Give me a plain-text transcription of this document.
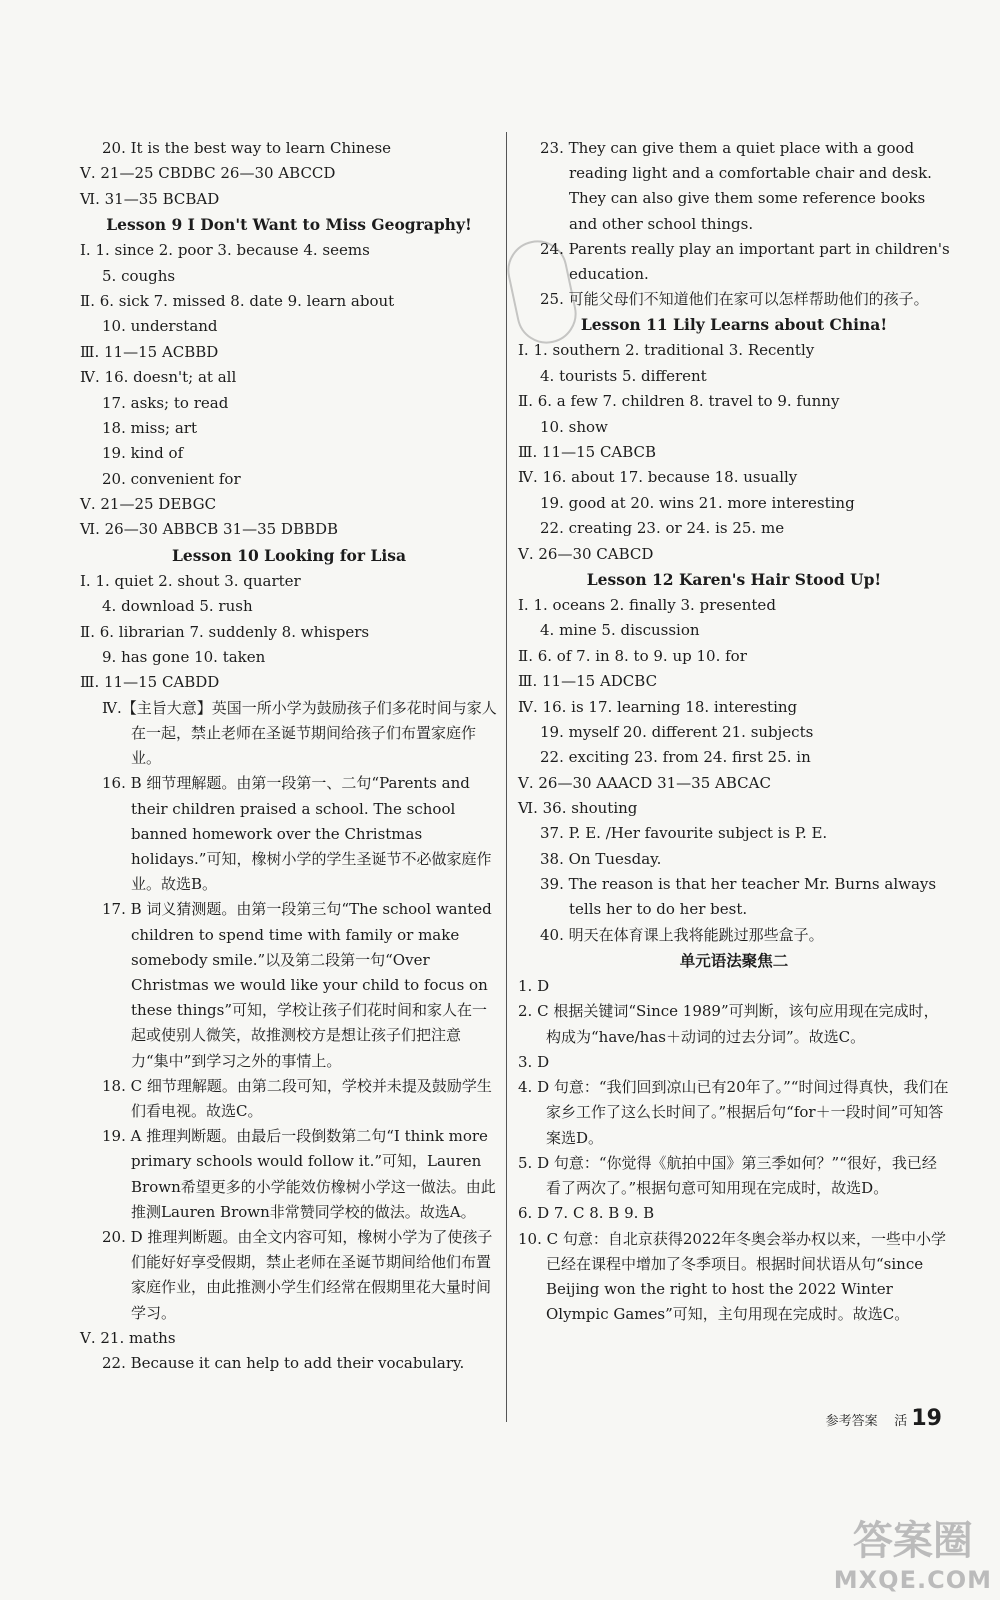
20. It is the best way to learn Chinese
Ⅴ. 21—25 CBDBC 26—30 ABCCD
Ⅵ. 31—35 BCBAD
Lesson 9 I Don't Want to Miss Geography!
Ⅰ. 1. since 2. poor 3. because 4. seems
5. coughs
Ⅱ. 6. sick 7. missed 8. date 9. learn about
10. understand
Ⅲ. 11—15 ACBBD
Ⅳ. 16. doesn't; at all
17. asks; to read
18. miss; art
19. kind of
20. convenient for
Ⅴ. 21—25 DEBGC
Ⅵ. 26—30 ABBCB 31—35 DBBDB
Lesson 10 Looking for Lisa
Ⅰ. 1. quiet 2. shout 3. quarter
4. download 5. rush
Ⅱ. 6. librarian 7. suddenly 8. whispers
9. has gone 10. taken
Ⅲ. 11—15 CABDD
Ⅳ.【主旨大意】英国一所小学为鼓励孩子们多花时间与家人在一起，禁止老师在圣诞节期间给孩子们布置家庭作业。
16. B 细节理解题。由第一段第一、二句“Parents and their children praised a school. The school banned homework over the Christmas holidays.”可知，橡树小学的学生圣诞节不必做家庭作业。故选B。
17. B 词义猜测题。由第一段第三句“The school wanted children to spend time with family or make somebody smile.”以及第二段第一句“Over Christmas we would like your child to focus on these things”可知，学校让孩子们花时间和家人在一起或使别人微笑，故推测校方是想让孩子们把注意力“集中”到学习之外的事情上。
18. C 细节理解题。由第二段可知，学校并未提及鼓励学生们看电视。故选C。
19. A 推理判断题。由最后一段倒数第二句“I think more primary schools would follow it.”可知，Lauren Brown希望更多的小学能效仿橡树小学这一做法。由此推测Lauren Brown非常赞同学校的做法。故选A。
20. D 推理判断题。由全文内容可知，橡树小学为了使孩子们能好好享受假期，禁止老师在圣诞节期间给他们布置家庭作业，由此推测小学生们经常在假期里花大量时间学习。
Ⅴ. 21. maths
22. Because it can help to add their vocabulary.
23. They can give them a quiet place with a good reading light and a comfortable chair and desk. They can also give them some reference books and other school things.
24. Parents really play an important part in children's education.
25. 可能父母们不知道他们在家可以怎样帮助他们的孩子。
Lesson 11 Lily Learns about China!
Ⅰ. 1. southern 2. traditional 3. Recently
4. tourists 5. different
Ⅱ. 6. a few 7. children 8. travel to 9. funny
10. show
Ⅲ. 11—15 CABCB
Ⅳ. 16. about 17. because 18. usually
19. good at 20. wins 21. more interesting
22. creating 23. or 24. is 25. me
Ⅴ. 26—30 CABCD
Lesson 12 Karen's Hair Stood Up!
Ⅰ. 1. oceans 2. finally 3. presented
4. mine 5. discussion
Ⅱ. 6. of 7. in 8. to 9. up 10. for
Ⅲ. 11—15 ADCBC
Ⅳ. 16. is 17. learning 18. interesting
19. myself 20. different 21. subjects
22. exciting 23. from 24. first 25. in
Ⅴ. 26—30 AAACD 31—35 ABCAC
Ⅵ. 36. shouting
37. P. E. /Her favourite subject is P. E.
38. On Tuesday.
39. The reason is that her teacher Mr. Burns always tells her to do her best.
40. 明天在体育课上我将能跳过那些盒子。
单元语法聚焦二
1. D
2. C 根据关键词“Since 1989”可判断，该句应用现在完成时，构成为“have/has＋动词的过去分词”。故选C。
3. D
4. D 句意：“我们回到凉山已有20年了。”“时间过得真快，我们在家乡工作了这么长时间了。”根据后句“for＋一段时间”可知答案选D。
5. D 句意：“你觉得《航拍中国》第三季如何？”“很好，我已经看了两次了。”根据句意可知用现在完成时，故选D。
6. D 7. C 8. B 9. B
10. C 句意：自北京获得2022年冬奥会举办权以来，一些中小学已经在课程中增加了冬季项目。根据时间状语从句“since Beijing won the right to host the 2022 Winter Olympic Games”可知，主句用现在完成时。故选C。
参考答案 活 19
答案圈
MXQE.COM
